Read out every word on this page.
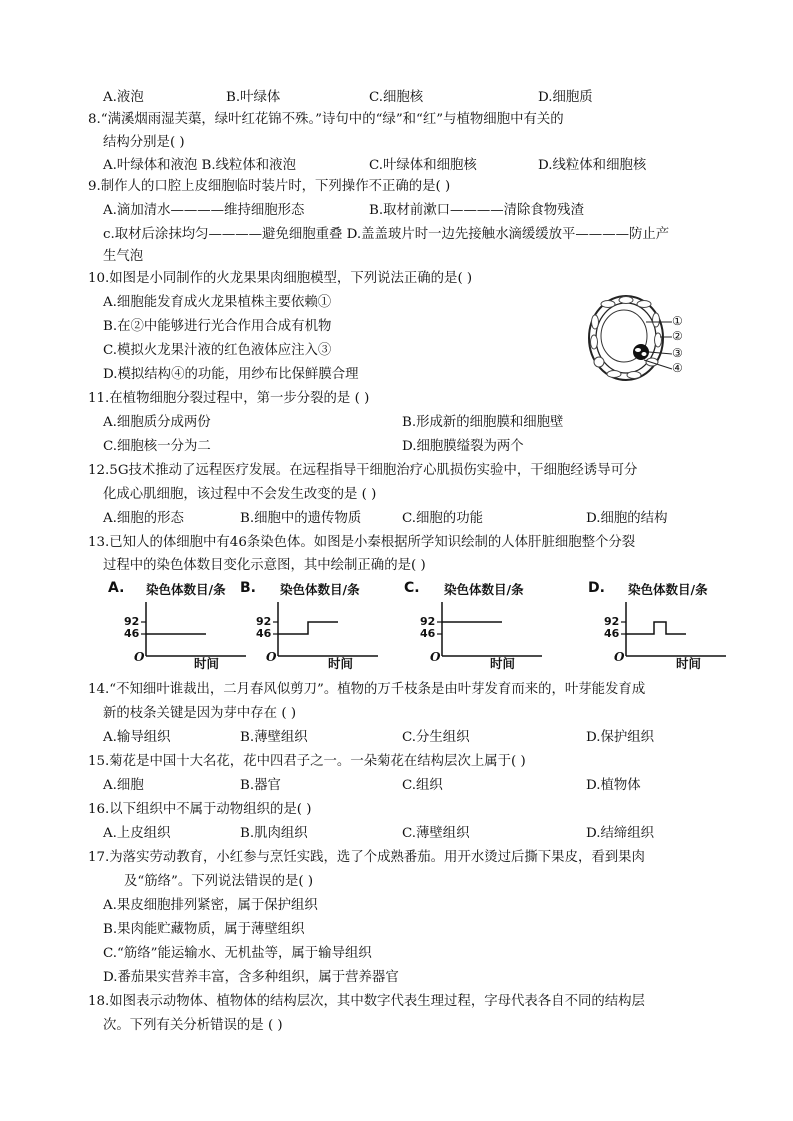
A.液泡	B.叶绿体	C.细胞核	D.细胞质
8.“满溪烟雨湿芙蕖，绿叶红花锦不殊。”诗句中的“绿”和“红”与植物细胞中有关的
结构分别是( )
A.叶绿体和液泡 B.线粒体和液泡	C.叶绿体和细胞核	D.线粒体和细胞核
9.制作人的口腔上皮细胞临时装片时，下列操作不正确的是( )
A.滴加清水————维持细胞形态	B.取材前漱口————清除食物残渣
c.取材后涂抹均匀————避免细胞重叠 D.盖盖玻片时一边先接触水滴缓缓放平————防止产
生气泡
10.如图是小同制作的火龙果果肉细胞模型，下列说法正确的是( )
A.细胞能发育成火龙果植株主要依赖①
B.在②中能够进行光合作用合成有机物
C.模拟火龙果汁液的红色液体应注入③
D.模拟结构④的功能，用纱布比保鲜膜合理
①
②
③
④
11.在植物细胞分裂过程中，第一步分裂的是 ( )
A.细胞质分成两份	B.形成新的细胞膜和细胞壁
C.细胞核一分为二	D.细胞膜缢裂为两个
12.5G技术推动了远程医疗发展。在远程指导干细胞治疗心肌损伤实验中，干细胞经诱导可分
化成心肌细胞，该过程中不会发生改变的是 ( )
A.细胞的形态	B.细胞中的遗传物质	C.细胞的功能	D.细胞的结构
13.已知人的体细胞中有46条染色体。如图是小秦根据所学知识绘制的人体肝脏细胞整个分裂
过程中的染色体数目变化示意图，其中绘制正确的是( )
A. 染色体数目/条
92
46
O	时间
B. 染色体数目/条
92
46
O	时间
C. 染色体数目/条
92
46
O	时间
D. 染色体数目/条
92
46
O	时间
14.“不知细叶谁裁出，二月春风似剪刀”。植物的万千枝条是由叶芽发育而来的，叶芽能发育成
新的枝条关键是因为芽中存在 ( )
A.输导组织	B.薄壁组织	C.分生组织	D.保护组织
15.菊花是中国十大名花，花中四君子之一。一朵菊花在结构层次上属于( )
A.细胞	B.器官	C.组织	D.植物体
16.以下组织中不属于动物组织的是( )
A.上皮组织	B.肌肉组织	C.薄壁组织	D.结缔组织
17.为落实劳动教育，小红参与烹饪实践，选了个成熟番茄。用开水烫过后撕下果皮，看到果肉
及“筋络”。下列说法错误的是( )
A.果皮细胞排列紧密，属于保护组织
B.果肉能贮藏物质，属于薄壁组织
C.“筋络”能运输水、无机盐等，属于输导组织
D.番茄果实营养丰富，含多种组织，属于营养器官
18.如图表示动物体、植物体的结构层次，其中数字代表生理过程，字母代表各自不同的结构层
次。下列有关分析错误的是 ( )
